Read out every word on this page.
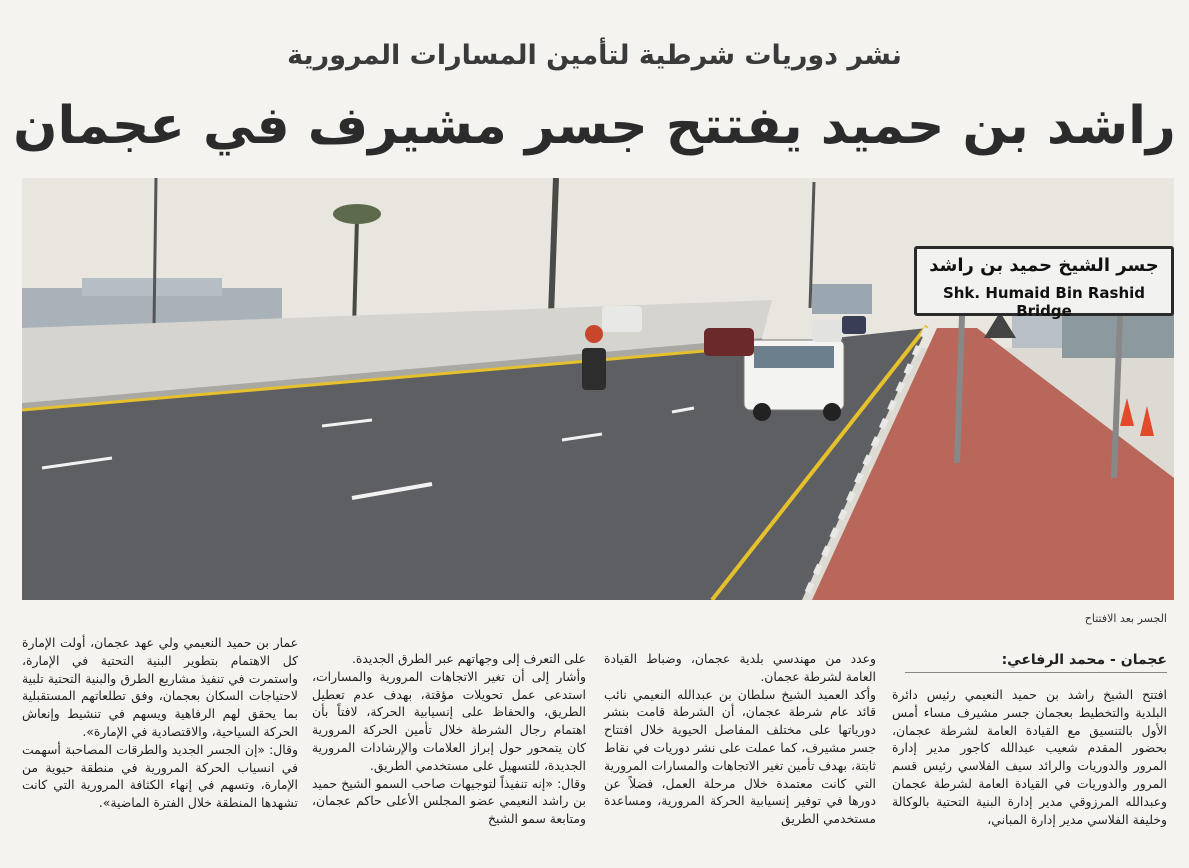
نشر دوريات شرطية لتأمين المسارات المرورية
راشد بن حميد يفتتح جسر مشيرف في عجمان
جسر الشيخ حميد بن راشد
Shk. Humaid Bin Rashid Bridge
الجسر بعد الافتتاح
عجمان - محمد الرفاعي:

افتتح الشيخ راشد بن حميد النعيمي رئيس دائرة البلدية والتخطيط بعجمان جسر مشيرف مساء أمس الأول بالتنسيق مع القيادة العامة لشرطة عجمان، بحضور المقدم شعيب عبدالله كاجور مدير إدارة المرور والدوريات والرائد سيف الفلاسي رئيس قسم المرور والدوريات في القيادة العامة لشرطة عجمان وعبدالله المرزوقي مدير إدارة البنية التحتية بالوكالة وخليفة الفلاسي مدير إدارة المباني،

وعدد من مهندسي بلدية عجمان، وضباط القيادة العامة لشرطة عجمان.

وأكد العميد الشيخ سلطان بن عبدالله النعيمي نائب قائد عام شرطة عجمان، أن الشرطة قامت بنشر دورياتها على مختلف المفاصل الحيوية خلال افتتاح جسر مشيرف، كما عملت على نشر دوريات في نقاط ثابتة، بهدف تأمين تغير الاتجاهات والمسارات المرورية التي كانت معتمدة خلال مرحلة العمل، فضلاً عن دورها في توفير إنسيابية الحركة المرورية، ومساعدة مستخدمي الطريق

على التعرف إلى وجهاتهم عبر الطرق الجديدة.

وأشار إلى أن تغير الاتجاهات المرورية والمسارات، استدعى عمل تحويلات مؤقتة، بهدف عدم تعطيل الطريق، والحفاظ على إنسيابية الحركة، لافتاً بأن اهتمام رجال الشرطة خلال تأمين الحركة المرورية كان يتمحور حول إبراز العلامات والإرشادات المرورية الجديدة، للتسهيل على مستخدمي الطريق.

وقال: «إنه تنفيذاً لتوجيهات صاحب السمو الشيخ حميد بن راشد النعيمي عضو المجلس الأعلى حاكم عجمان، ومتابعة سمو الشيخ

عمار بن حميد النعيمي ولي عهد عجمان، أولت الإمارة كل الاهتمام بتطوير البنية التحتية في الإمارة، واستمرت في تنفيذ مشاريع الطرق والبنية التحتية تلبية لاحتياجات السكان بعجمان، وفق تطلعاتهم المستقبلية بما يحقق لهم الرفاهية ويسهم في تنشيط وإنعاش الحركة السياحية، والاقتصادية في الإمارة».

وقال: «إن الجسر الجديد والطرقات المصاحبة أسهمت في انسياب الحركة المرورية في منطقة حيوية من الإمارة، وتسهم في إنهاء الكثافة المرورية التي كانت تشهدها المنطقة خلال الفترة الماضية».
